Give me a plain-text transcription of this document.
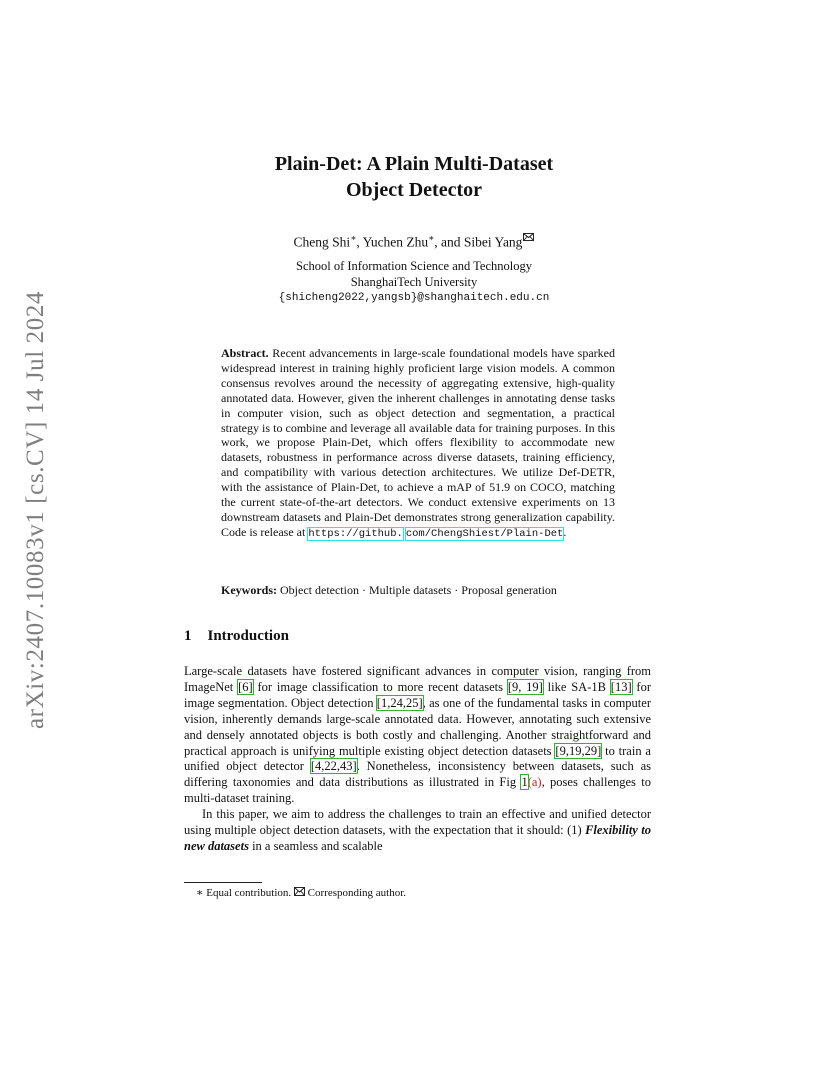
arXiv:2407.10083v1 [cs.CV] 14 Jul 2024
Plain-Det: A Plain Multi-Dataset
Object Detector
Cheng Shi∗, Yuchen Zhu∗, and Sibei Yang
School of Information Science and Technology
ShanghaiTech University
{shicheng2022,yangsb}@shanghaitech.edu.cn
Abstract. Recent advancements in large-scale foundational models have sparked widespread interest in training highly proficient large vision models. A common consensus revolves around the necessity of aggregating extensive, high-quality annotated data. However, given the inherent challenges in annotating dense tasks in computer vision, such as object detection and segmentation, a practical strategy is to combine and leverage all available data for training purposes. In this work, we propose Plain-Det, which offers flexibility to accommodate new datasets, robustness in performance across diverse datasets, training efficiency, and compatibility with various detection architectures. We utilize Def-DETR, with the assistance of Plain-Det, to achieve a mAP of 51.9 on COCO, matching the current state-of-the-art detectors. We conduct extensive experiments on 13 downstream datasets and Plain-Det demonstrates strong generalization capability. Code is release at https://github. com/ChengShiest/Plain-Det.
Keywords: Object detection · Multiple datasets · Proposal generation
1 Introduction

Large-scale datasets have fostered significant advances in computer vision, ranging from ImageNet [6] for image classification to more recent datasets [9, 19] like SA-1B [13] for image segmentation. Object detection [1,24,25], as one of the fundamental tasks in computer vision, inherently demands large-scale annotated data. However, annotating such extensive and densely annotated objects is both costly and challenging. Another straightforward and practical approach is unifying multiple existing object detection datasets [9,19,29] to train a unified object detector [4,22,43]. Nonetheless, inconsistency between datasets, such as differing taxonomies and data distributions as illustrated in Fig 1(a), poses challenges to multi-dataset training.

In this paper, we aim to address the challenges to train an effective and unified detector using multiple object detection datasets, with the expectation that it should: (1) Flexibility to new datasets in a seamless and scalable

∗ Equal contribution.  Corresponding author.
